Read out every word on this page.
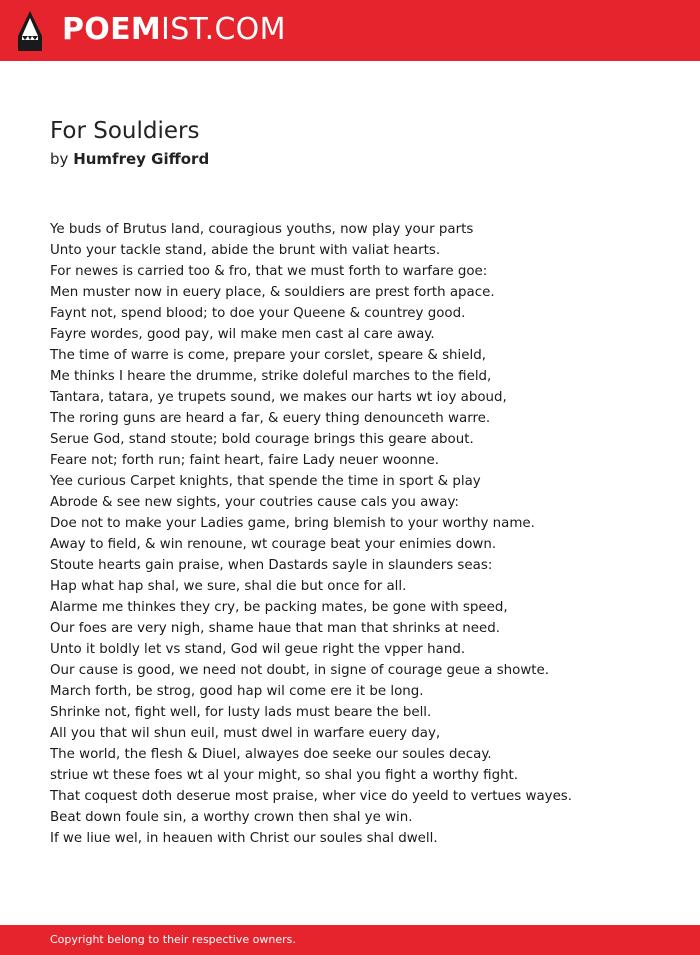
POEMIST.COM
For Souldiers
by Humfrey Gifford
Ye buds of Brutus land, couragious youths, now play your parts
Unto your tackle stand, abide the brunt with valiat hearts.
For newes is carried too & fro, that we must forth to warfare goe:
Men muster now in euery place, & souldiers are prest forth apace.
Faynt not, spend blood; to doe your Queene & countrey good.
Fayre wordes, good pay, wil make men cast al care away.
The time of warre is come, prepare your corslet, speare & shield,
Me thinks I heare the drumme, strike doleful marches to the field,
Tantara, tatara, ye trupets sound, we makes our harts wt ioy aboud,
The roring guns are heard a far, & euery thing denounceth warre.
Serue God, stand stoute; bold courage brings this geare about.
Feare not; forth run; faint heart, faire Lady neuer woonne.
Yee curious Carpet knights, that spende the time in sport & play
Abrode & see new sights, your coutries cause cals you away:
Doe not to make your Ladies game, bring blemish to your worthy name.
Away to field, & win renoune, wt courage beat your enimies down.
Stoute hearts gain praise, when Dastards sayle in slaunders seas:
Hap what hap shal, we sure, shal die but once for all.
Alarme me thinkes they cry, be packing mates, be gone with speed,
Our foes are very nigh, shame haue that man that shrinks at need.
Unto it boldly let vs stand, God wil geue right the vpper hand.
Our cause is good, we need not doubt, in signe of courage geue a showte.
March forth, be strog, good hap wil come ere it be long.
Shrinke not, fight well, for lusty lads must beare the bell.
All you that wil shun euil, must dwel in warfare euery day,
The world, the flesh & Diuel, alwayes doe seeke our soules decay.
striue wt these foes wt al your might, so shal you fight a worthy fight.
That coquest doth deserue most praise, wher vice do yeeld to vertues wayes.
Beat down foule sin, a worthy crown then shal ye win.
If we liue wel, in heauen with Christ our soules shal dwell.
Copyright belong to their respective owners.
